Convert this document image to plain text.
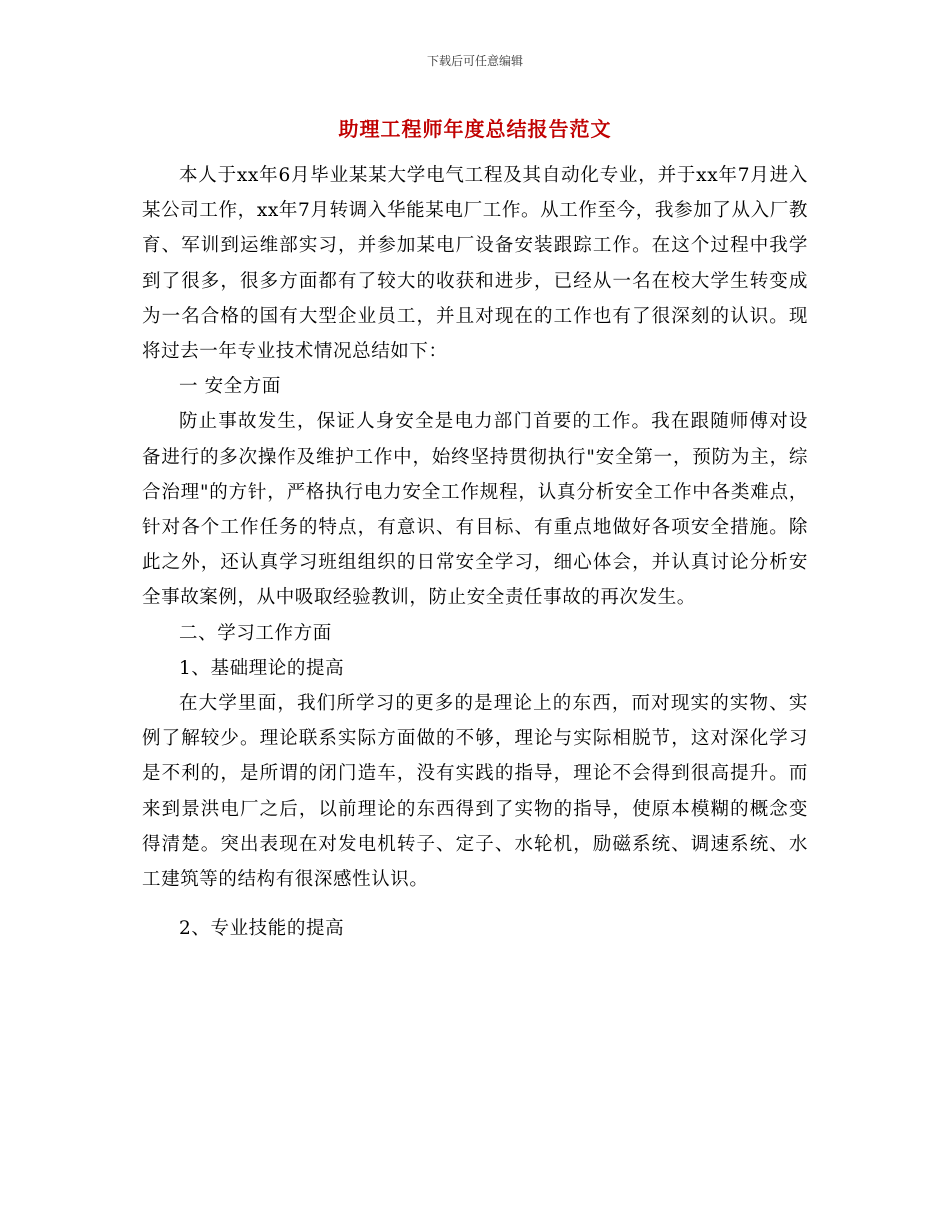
下载后可任意编辑
助理工程师年度总结报告范文

本人于xx年6月毕业某某大学电气工程及其自动化专业，并于xx年7月进入某公司工作，xx年7月转调入华能某电厂工作。从工作至今，我参加了从入厂教育、军训到运维部实习，并参加某电厂设备安装跟踪工作。在这个过程中我学到了很多，很多方面都有了较大的收获和进步，已经从一名在校大学生转变成为一名合格的国有大型企业员工，并且对现在的工作也有了很深刻的认识。现将过去一年专业技术情况总结如下：

一 安全方面

防止事故发生，保证人身安全是电力部门首要的工作。我在跟随师傅对设备进行的多次操作及维护工作中，始终坚持贯彻执行"安全第一，预防为主，综合治理"的方针，严格执行电力安全工作规程，认真分析安全工作中各类难点，针对各个工作任务的特点，有意识、有目标、有重点地做好各项安全措施。除此之外，还认真学习班组组织的日常安全学习，细心体会，并认真讨论分析安全事故案例，从中吸取经验教训，防止安全责任事故的再次发生。

二、学习工作方面

1、基础理论的提高

在大学里面，我们所学习的更多的是理论上的东西，而对现实的实物、实例了解较少。理论联系实际方面做的不够，理论与实际相脱节，这对深化学习是不利的，是所谓的闭门造车，没有实践的指导，理论不会得到很高提升。而来到景洪电厂之后，以前理论的东西得到了实物的指导，使原本模糊的概念变得清楚。突出表现在对发电机转子、定子、水轮机，励磁系统、调速系统、水工建筑等的结构有很深感性认识。

2、专业技能的提高
